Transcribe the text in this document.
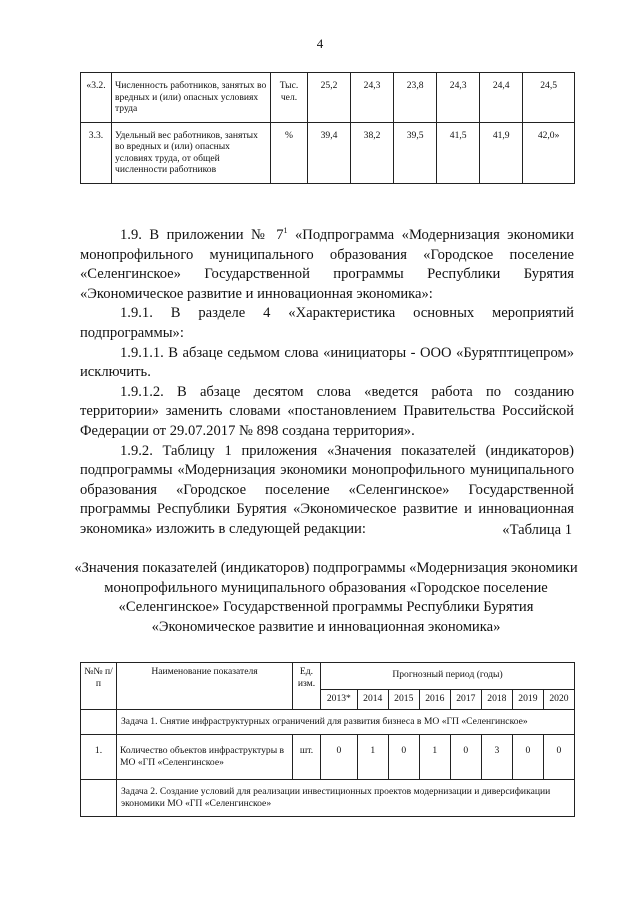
4
«3.2.	Численность работников, занятых во вредных и (или) опасных условиях труда	Тыс. чел.	25,2	24,3	23,8	24,3	24,4	24,5
3.3.	Удельный вес работников, занятых во вредных и (или) опасных условиях труда, от общей численности работников	%	39,4	38,2	39,5	41,5	41,9	42,0»

1.9. В приложении № $7^1$ «Подпрограмма «Модернизация экономики монопрофильного муниципального образования «Городское поселение «Селенгинское» Государственной программы Республики Бурятия «Экономическое развитие и инновационная экономика»:

1.9.1. В разделе 4 «Характеристика основных мероприятий подпрограммы»:

1.9.1.1. В абзаце седьмом слова «инициаторы - ООО «Бурятптицепром» исключить.

1.9.1.2. В абзаце десятом слова «ведется работа по созданию территории» заменить словами «постановлением Правительства Российской Федерации от 29.07.2017 № 898 создана территория».

1.9.2. Таблицу 1 приложения «Значения показателей (индикаторов) подпрограммы «Модернизация экономики монопрофильного муниципального образования «Городское поселение «Селенгинское» Государственной программы Республики Бурятия «Экономическое развитие и инновационная экономика» изложить в следующей редакции:	«Таблица 1
«Значения показателей (индикаторов) подпрограммы «Модернизация экономики монопрофильного муниципального образования «Городское поселение «Селенгинское» Государственной программы Республики Бурятия «Экономическое развитие и инновационная экономика»
№№ п/п	Наименование показателя	Ед. изм.	Прогнозный период (годы)							
			2013*	2014	2015	2016	2017	2018	2019	2020
	Задача 1. Снятие инфраструктурных ограничений для развития бизнеса в МО «ГП «Селенгинское»									
1.	Количество объектов инфраструктуры в МО «ГП «Селенгинское»	шт.	0	1	0	1	0	3	0	0
	Задача 2. Создание условий для реализации инвестиционных проектов модернизации и диверсификации экономики МО «ГП «Селенгинское»									
